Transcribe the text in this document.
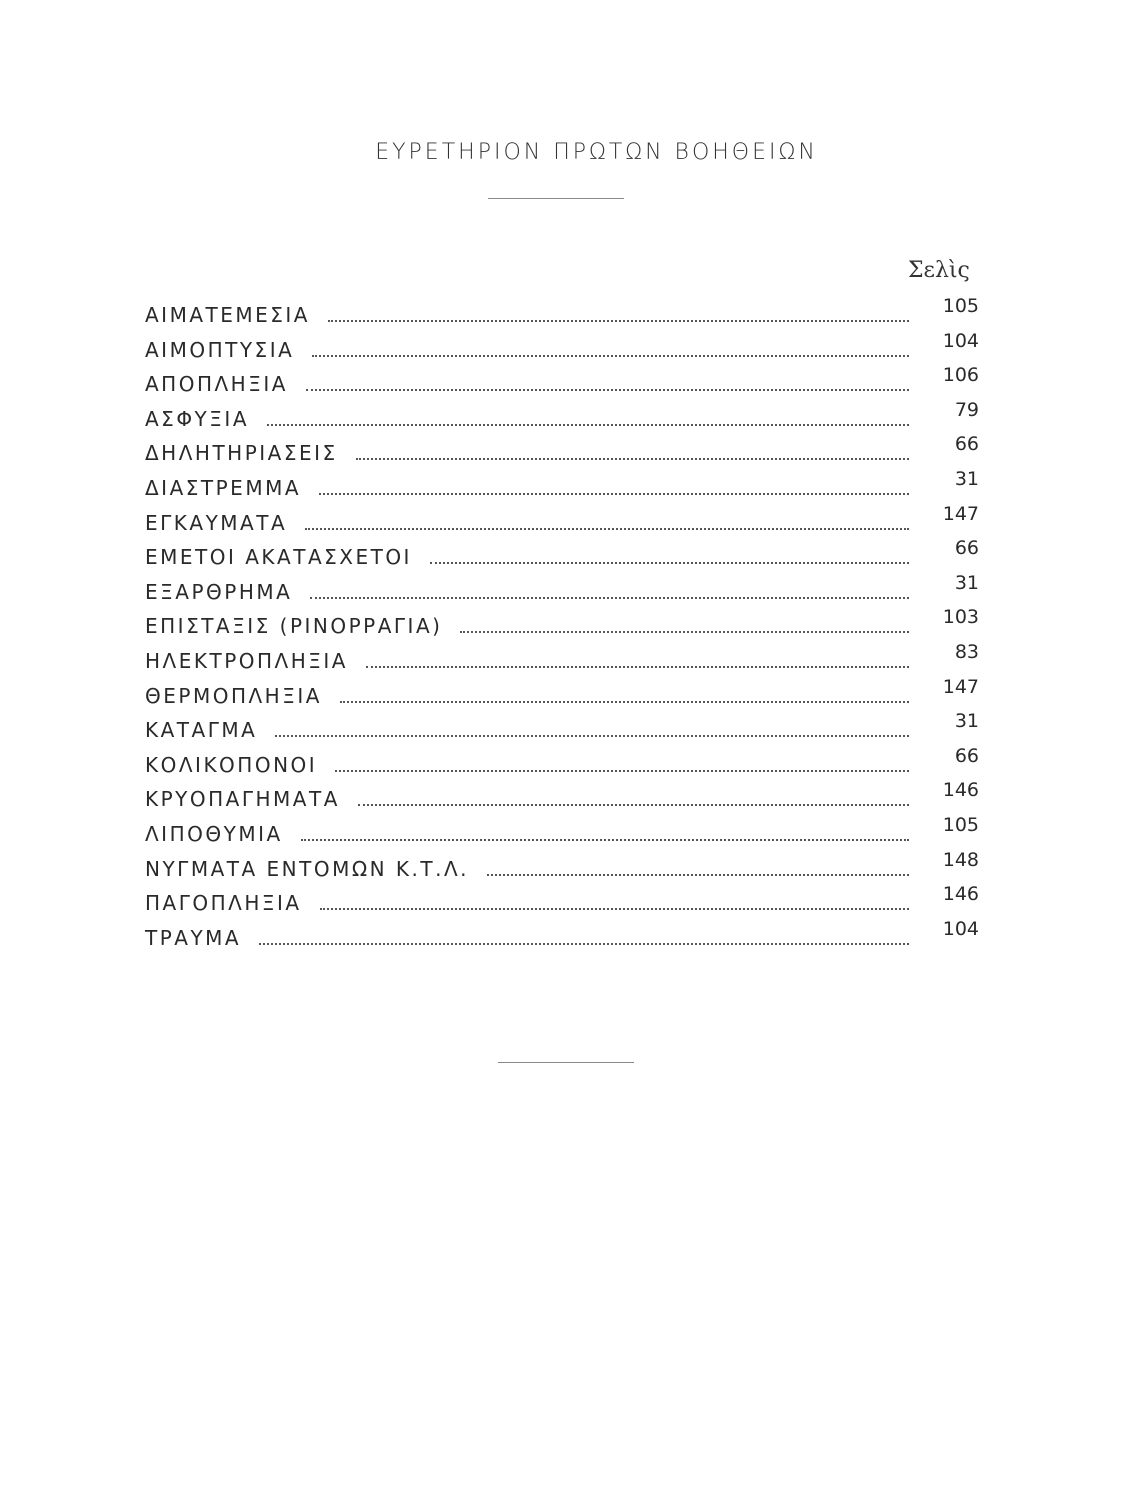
ΕΥΡΕΤΗΡΙΟΝ ΠΡΩΤΩΝ ΒΟΗΘΕΙΩΝ
Σελὶς
ΑΙΜΑΤΕΜΕΣΙΑ	105
ΑΙΜΟΠΤΥΣΙΑ	104
ΑΠΟΠΛΗΞΙΑ	106
ΑΣΦΥΞΙΑ	79
ΔΗΛΗΤΗΡΙΑΣΕΙΣ	66
ΔΙΑΣΤΡΕΜΜΑ	31
ΕΓΚΑΥΜΑΤΑ	147
ΕΜΕΤΟΙ ΑΚΑΤΑΣΧΕΤΟΙ	66
ΕΞΑΡΘΡΗΜΑ	31
ΕΠΙΣΤΑΞΙΣ (ΡΙΝΟΡΡΑΓΙΑ)	103
ΗΛΕΚΤΡΟΠΛΗΞΙΑ	83
ΘΕΡΜΟΠΛΗΞΙΑ	147
ΚΑΤΑΓΜΑ	31
ΚΟΛΙΚΟΠΟΝΟΙ	66
ΚΡΥΟΠΑΓΗΜΑΤΑ	146
ΛΙΠΟΘΥΜΙΑ	105
ΝΥΓΜΑΤΑ ΕΝΤΟΜΩΝ Κ.Τ.Λ.	148
ΠΑΓΟΠΛΗΞΙΑ	146
ΤΡΑΥΜΑ	104
